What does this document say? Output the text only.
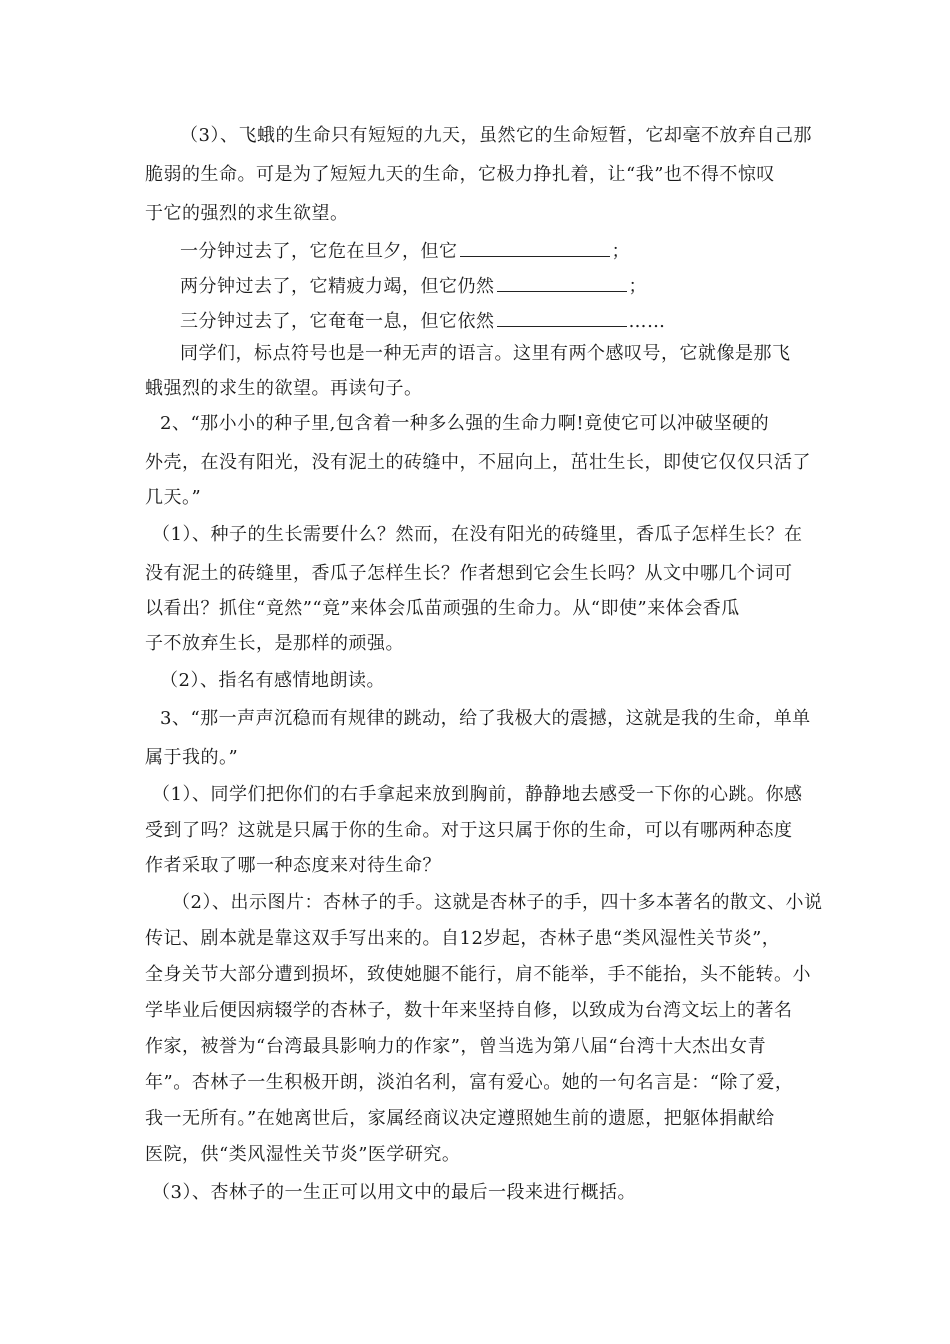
（3）、飞蛾的生命只有短短的九天，虽然它的生命短暂，它却毫不放弃自己那
脆弱的生命。可是为了短短九天的生命，它极力挣扎着，让“我”也不得不惊叹
于它的强烈的求生欲望。
一分钟过去了，它危在旦夕，但它	；
两分钟过去了，它精疲力竭，但它仍然	；
三分钟过去了，它奄奄一息，但它依然	……
同学们，标点符号也是一种无声的语言。这里有两个感叹号，它就像是那飞
蛾强烈的求生的欲望。再读句子。
2、“那小小的种子里,包含着一种多么强的生命力啊!竟使它可以冲破坚硬的
外壳，在没有阳光，没有泥土的砖缝中，不屈向上，茁壮生长，即使它仅仅只活了
几天。”
（1）、种子的生长需要什么？然而，在没有阳光的砖缝里，香瓜子怎样生长？在
没有泥土的砖缝里，香瓜子怎样生长？作者想到它会生长吗？从文中哪几个词可
以看出？抓住“竟然”“竟”来体会瓜苗顽强的生命力。从“即使”来体会香瓜
子不放弃生长，是那样的顽强。
（2）、指名有感情地朗读。
3、“那一声声沉稳而有规律的跳动，给了我极大的震撼，这就是我的生命，单单
属于我的。”
（1）、同学们把你们的右手拿起来放到胸前，静静地去感受一下你的心跳。你感
受到了吗？这就是只属于你的生命。对于这只属于你的生命，可以有哪两种态度
作者采取了哪一种态度来对待生命？
（2）、出示图片：杏林子的手。这就是杏林子的手，四十多本著名的散文、小说
传记、剧本就是靠这双手写出来的。自12岁起，杏林子患“类风湿性关节炎”，
全身关节大部分遭到损坏，致使她腿不能行，肩不能举，手不能抬，头不能转。小
学毕业后便因病辍学的杏林子，数十年来坚持自修，以致成为台湾文坛上的著名
作家，被誉为“台湾最具影响力的作家”，曾当选为第八届“台湾十大杰出女青
年”。杏林子一生积极开朗，淡泊名利，富有爱心。她的一句名言是：“除了爱，
我一无所有。”在她离世后，家属经商议决定遵照她生前的遗愿，把躯体捐献给
医院，供“类风湿性关节炎”医学研究。
（3）、杏林子的一生正可以用文中的最后一段来进行概括。
